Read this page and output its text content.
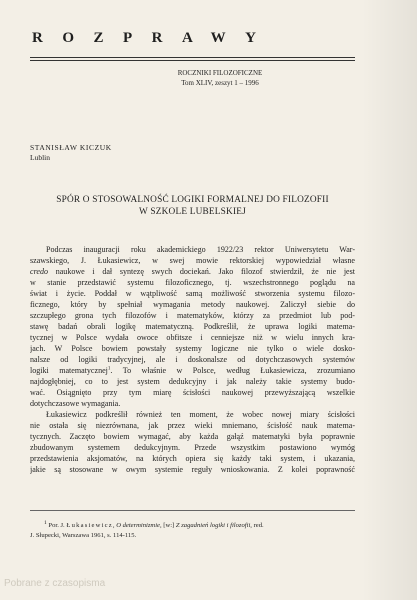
ROZPRAWY
ROCZNIKI FILOZOFICZNE
Tom XLIV, zeszyt 1 – 1996
STANISŁAW KICZUK
Lublin
SPÓR O STOSOWALNOŚĆ LOGIKI FORMALNEJ DO FILOZOFII
W SZKOLE LUBELSKIEJ
Podczas inauguracji roku akademickiego 1922/23 rektor Uniwersytetu War-
szawskiego, J. Łukasiewicz, w swej mowie rektorskiej wypowiedział własne
credo naukowe i dał syntezę swych dociekań. Jako filozof stwierdził, że nie jest
w stanie przedstawić systemu filozoficznego, tj. wszechstronnego poglądu na
świat i życie. Poddał w wątpliwość samą możliwość stworzenia systemu filozo-
ficznego, który by spełniał wymagania metody naukowej. Zaliczył siebie do
szczupłego grona tych filozofów i matematyków, którzy za przedmiot lub pod-
stawę badań obrali logikę matematyczną. Podkreślił, że uprawa logiki matema-
tycznej w Polsce wydała owoce obfitsze i cenniejsze niż w wielu innych kra-
jach. W Polsce bowiem powstały systemy logiczne nie tylko o wiele dosko-
nalsze od logiki tradycyjnej, ale i doskonalsze od dotychczasowych systemów
logiki matematycznej$^1$. To właśnie w Polsce, według Łukasiewicza, zrozumiano
najdogłębniej, co to jest system dedukcyjny i jak należy takie systemy budo-
wać. Osiągnięto przy tym miarę ścisłości naukowej przewyższającą wszelkie
dotychczasowe wymagania.
Łukasiewicz podkreślił również ten moment, że wobec nowej miary ścisłości
nie ostała się niezrównana, jak przez wieki mniemano, ścisłość nauk matema-
tycznych. Zaczęto bowiem wymagać, aby każda gałąź matematyki była poprawnie
zbudowanym systemem dedukcyjnym. Przede wszystkim postawiono wymóg
przedstawienia aksjomatów, na których opiera się każdy taki system, i ukazania,
jakie są stosowane w owym systemie reguły wnioskowania. Z kolei poprawność
$^1$ Por. J. Łukasiewicz, O determinizmie, [w:] Z zagadnień logiki i filozofii, red.
J. Słupecki, Warszawa 1961, s. 114-115.
Pobrane z czasopisma
